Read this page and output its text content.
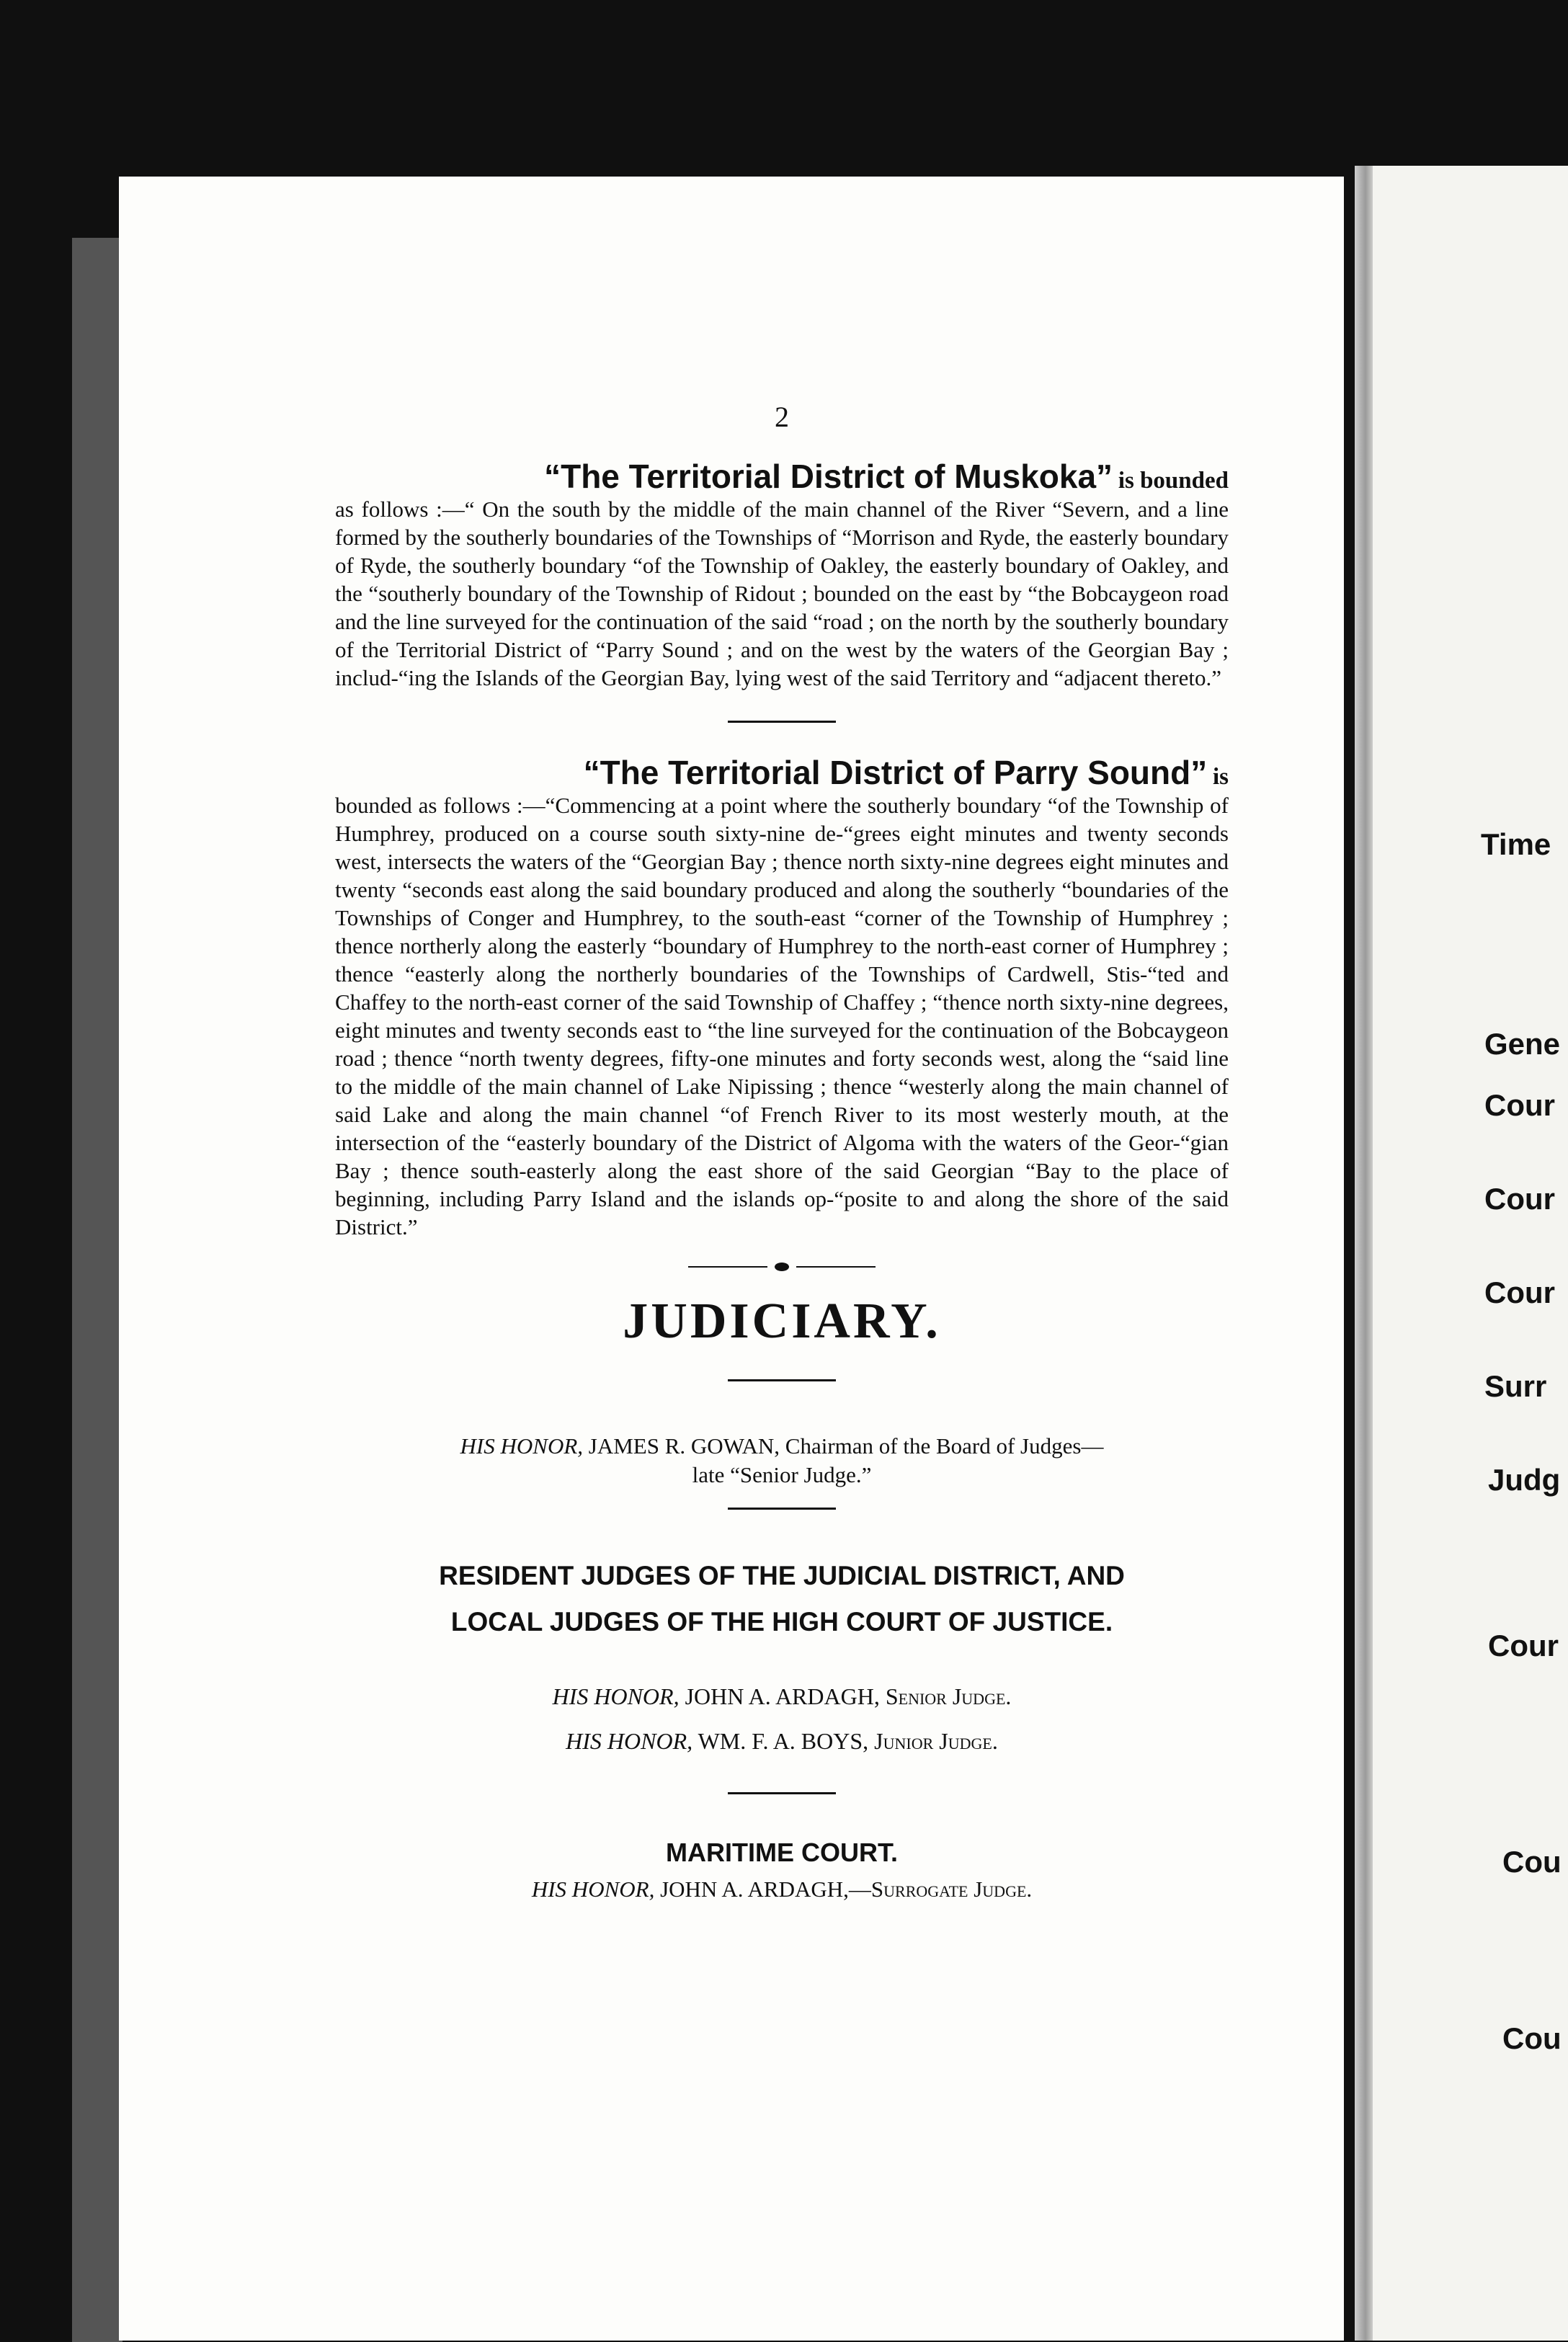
Time
Gene
Cour
Cour
Cour
Surr
Judg
Cour
Cou
Cou
2

“The Territorial District of Muskoka” is bounded

as follows :—“ On the south by the middle of the main channel of the River “Severn, and a line formed by the southerly boundaries of the Townships of “Morrison and Ryde, the easterly boundary of Ryde, the southerly boundary “of the Township of Oakley, the easterly boundary of Oakley, and the “southerly boundary of the Township of Ridout ; bounded on the east by “the Bobcaygeon road and the line surveyed for the continuation of the said “road ; on the north by the southerly boundary of the Territorial District of “Parry Sound ; and on the west by the waters of the Georgian Bay ; includ-“ing the Islands of the Georgian Bay, lying west of the said Territory and “adjacent thereto.”

“The Territorial District of Parry Sound” is

bounded as follows :—“Commencing at a point where the southerly boundary “of the Township of Humphrey, produced on a course south sixty-nine de-“grees eight minutes and twenty seconds west, intersects the waters of the “Georgian Bay ; thence north sixty-nine degrees eight minutes and twenty “seconds east along the said boundary produced and along the southerly “boundaries of the Townships of Conger and Humphrey, to the south-east “corner of the Township of Humphrey ; thence northerly along the easterly “boundary of Humphrey to the north-east corner of Humphrey ; thence “easterly along the northerly boundaries of the Townships of Cardwell, Stis-“ted and Chaffey to the north-east corner of the said Township of Chaffey ; “thence north sixty-nine degrees, eight minutes and twenty seconds east to “the line surveyed for the continuation of the Bobcaygeon road ; thence “north twenty degrees, fifty-one minutes and forty seconds west, along the “said line to the middle of the main channel of Lake Nipissing ; thence “westerly along the main channel of said Lake and along the main channel “of French River to its most westerly mouth, at the intersection of the “easterly boundary of the District of Algoma with the waters of the Geor-“gian Bay ; thence south-easterly along the east shore of the said Georgian “Bay to the place of beginning, including Parry Island and the islands op-“posite to and along the shore of the said District.”

JUDICIARY.

HIS HONOR, JAMES R. GOWAN, Chairman of the Board of Judges—

late “Senior Judge.”

RESIDENT JUDGES OF THE JUDICIAL DISTRICT, AND

LOCAL JUDGES OF THE HIGH COURT OF JUSTICE.

HIS HONOR, JOHN A. ARDAGH, Senior Judge.

HIS HONOR, WM. F. A. BOYS, Junior Judge.

MARITIME COURT.

HIS HONOR, JOHN A. ARDAGH,—Surrogate Judge.
